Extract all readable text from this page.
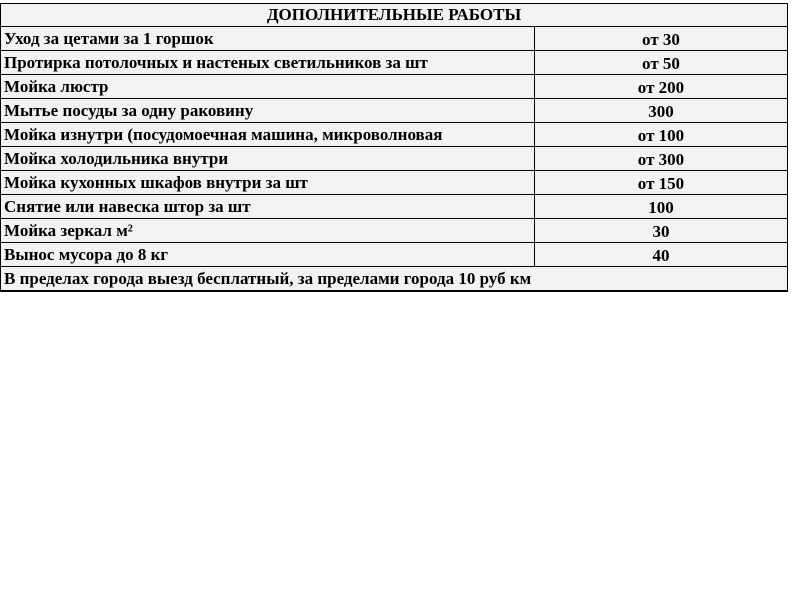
ДОПОЛНИТЕЛЬНЫЕ РАБОТЫ
Уход за цетами за 1 горшок	от 30
Протирка потолочных и настеных светильников за шт	от 50
Мойка люстр	от 200
Мытье посуды за одну раковину	300
Мойка изнутри (посудомоечная машина, микроволновая	от 100
Мойка холодильника внутри	от 300
Мойка кухонных шкафов внутри за шт	от 150
Снятие или навеска штор за шт	100
Мойка зеркал м²	30
Вынос мусора до 8 кг	40
В пределах города выезд бесплатный, за пределами города 10 руб км
